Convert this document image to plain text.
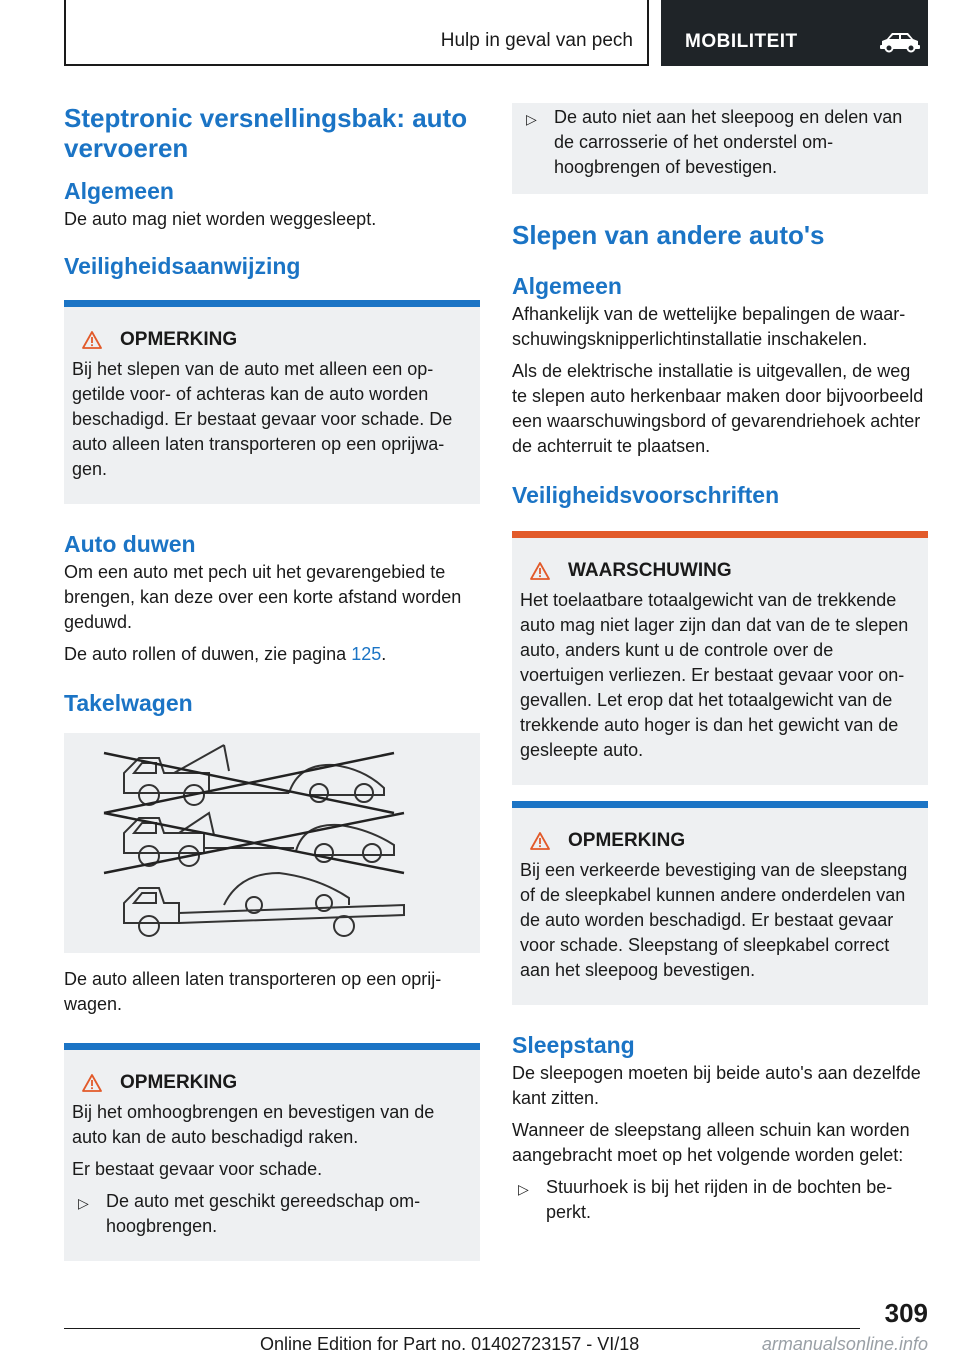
Hulp in geval van pech	MOBILITEIT
Steptronic versnellingsbak: auto vervoeren
Algemeen

De auto mag niet worden weggesleept.

Veiligheidsaanwijzing
OPMERKING

Bij het slepen van de auto met alleen een opgetilde voor- of achteras kan de auto worden beschadigd. Er bestaat gevaar voor schade. De auto alleen laten transporteren op een oprijwagen.

Auto duwen

Om een auto met pech uit het gevarengebied te brengen, kan deze over een korte afstand worden geduwd.

De auto rollen of duwen, zie pagina 125.

Takelwagen

De auto alleen laten transporteren op een oprijwagen.

OPMERKING

Bij het omhoogbrengen en bevestigen van de auto kan de auto beschadigd raken.

Er bestaat gevaar voor schade.

▷ De auto met geschikt gereedschap omhoogbrengen.
▷ De auto niet aan het sleepoog en delen van de carrosserie of het onderstel omhoogbrengen of bevestigen.
Slepen van andere auto's
Algemeen

Afhankelijk van de wettelijke bepalingen de waarschuwingsknipperlichtinstallatie inschakelen.

Als de elektrische installatie is uitgevallen, de weg te slepen auto herkenbaar maken door bijvoorbeeld een waarschuwingsbord of gevarendriehoek achter de achterruit te plaatsen.

Veiligheidsvoorschriften
WAARSCHUWING

Het toelaatbare totaalgewicht van de trekkende auto mag niet lager zijn dan dat van de te slepen auto, anders kunt u de controle over de voertuigen verliezen. Er bestaat gevaar voor ongevallen. Let erop dat het totaalgewicht van de trekkende auto hoger is dan het gewicht van de gesleepte auto.

OPMERKING

Bij een verkeerde bevestiging van de sleepstang of de sleepkabel kunnen andere onderdelen van de auto worden beschadigd. Er bestaat gevaar voor schade. Sleepstang of sleepkabel correct aan het sleepoog bevestigen.

Sleepstang

De sleepogen moeten bij beide auto's aan dezelfde kant zitten.

Wanneer de sleepstang alleen schuin kan worden aangebracht moet op het volgende worden gelet:

▷ Stuurhoek is bij het rijden in de bochten beperkt.
309
Online Edition for Part no. 01402723157 - VI/18	armanualsonline.info
